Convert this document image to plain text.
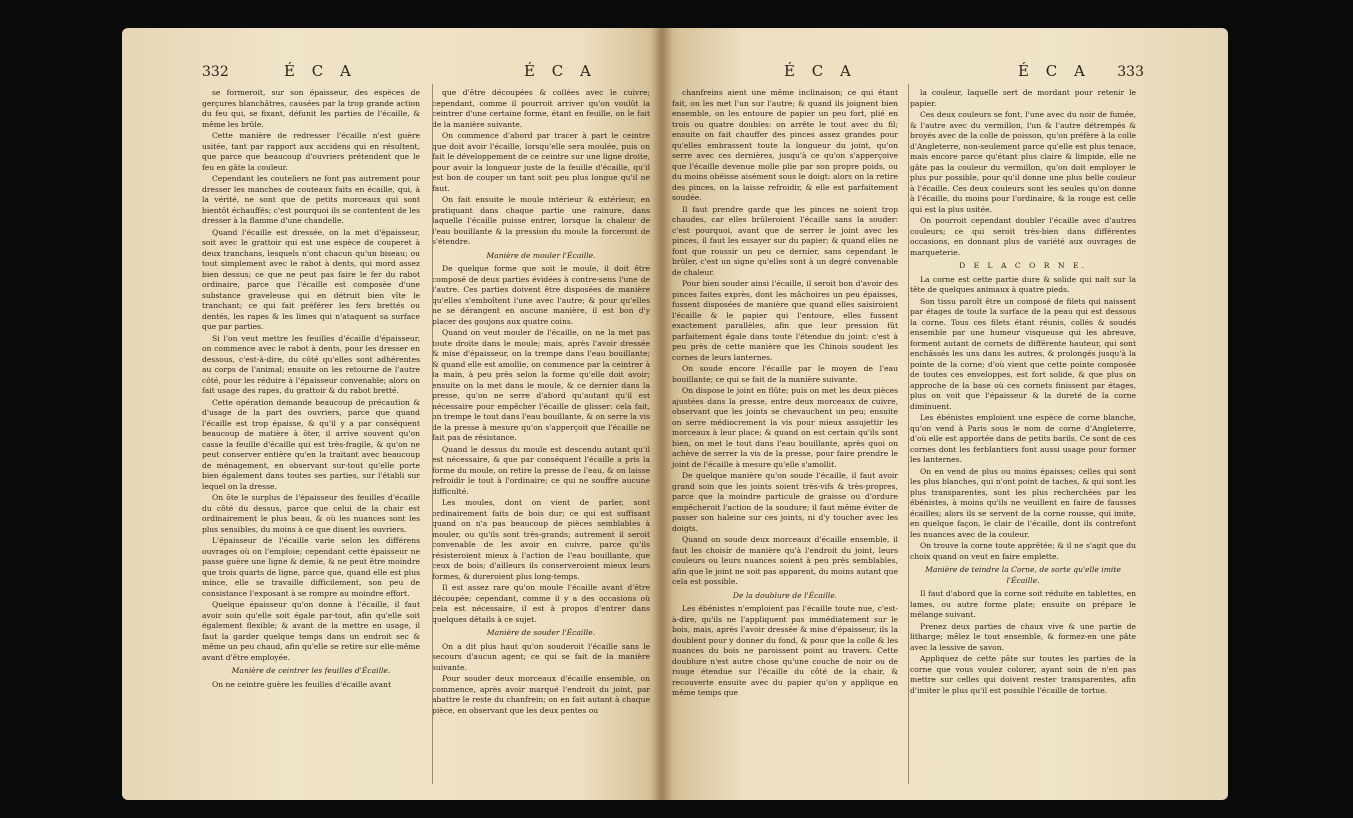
332	É C A	É C A

se formeroit, sur son épaisseur, des espèces de gerçures blanchâtres, causées par la trop grande action du feu qui, se fixant, défunit les parties de l'écaille, & même les brûle.

Cette manière de redresser l'écaille n'est guère usitée, tant par rapport aux accidens qui en résultent, que parce que beaucoup d'ouvriers prétendent que le feu en gâte la couleur.

Cependant les couteliers ne font pas autrement pour dresser les manches de couteaux faits en écaille, qui, à la vérité, ne sont que de petits morceaux qui sont bientôt échauffés; c'est pourquoi ils se contentent de les dresser à la flamme d'une chandelle.

Quand l'écaille est dressée, on la met d'épaisseur, soit avec le grattoir qui est une espèce de couperet à deux tranchans, lesquels n'ont chacun qu'un biseau; ou tout simplement avec le rabot à dents, qui mord assez bien dessus; ce que ne peut pas faire le fer du rabot ordinaire, parce que l'écaille est composée d'une substance graveleuse qui en détruit bien vîte le tranchant; ce qui fait préférer les fers brettés ou dentés, les rapes & les limes qui n'ataquent sa surface que par parties.

Si l'on veut mettre les feuilles d'écaille d'épaisseur, on commence avec le rabot à dents, pour les dresser en dessous, c'est-à-dire, du côté qu'elles sont adhérentes au corps de l'animal; ensuite on les retourne de l'autre côté, pour les réduire à l'épaisseur convenable; alors on fait usage des rapes, du grattoir & du rabot bretté.

Cette opération demande beaucoup de précaution & d'usage de la part des ouvriers, parce que quand l'écaille est trop épaisse, & qu'il y a par conséquent beaucoup de matière à ôter, il arrive souvent qu'on casse la feuille d'écaille qui est très-fragile, & qu'on ne peut conserver entière qu'en la traitant avec beaucoup de ménagement, en observant sur-tout qu'elle porte bien également dans toutes ses parties, sur l'établi sur lequel on la dresse.

On ôte le surplus de l'épaisseur des feuilles d'écaille du côté du dessus, parce que celui de la chair est ordinairement le plus beau, & où les nuances sont les plus sensibles, du moins à ce que disent les ouvriers.

L'épaisseur de l'écaille varie selon les différens ouvrages où on l'emploie; cependant cette épaisseur ne passe guère une ligne & demie, & ne peut être moindre que trois quarts de ligne, parce que, quand elle est plus mince, elle se travaille difficilement, son peu de consistance l'exposant à se rompre au moindre effort.

Quelque épaisseur qu'on donne à l'écaille, il faut avoir soin qu'elle soit égale par-tout, afin qu'elle soit également flexible; & avant de la mettre en usage, il faut la garder quelque temps dans un endroit sec & même un peu chaud, afin qu'elle se retire sur elle-même avant d'être employée.

Manière de ceintrer les feuilles d'Écaille.

On ne ceintre guère les feuilles d'écaille avant

que d'être découpées & collées avec le cuivre; cependant, comme il pourroit arriver qu'on voulût la ceintrer d'une certaine forme, étant en feuille, on le fait de la manière suivante.

On commence d'abord par tracer à part le ceintre que doit avoir l'écaille, lorsqu'elle sera moulée, puis on fait le développement de ce ceintre sur une ligne droite, pour avoir la longueur juste de la feuille d'écaille, qu'il est bon de couper un tant soit peu plus longue qu'il ne faut.

On fait ensuite le moule intérieur & extérieur, en pratiquant dans chaque partie une rainure, dans laquelle l'écaille puisse entrer, lorsque la chaleur de l'eau bouillante & la pression du moule la forceront de s'étendre.

Manière de mouler l'Écaille.

De quelque forme que soit le moule, il doit être composé de deux parties évidées à contre-sens l'une de l'autre. Ces parties doivent être disposées de manière qu'elles s'emboîtent l'une avec l'autre; & pour qu'elles ne se dérangent en aucune manière, il est bon d'y placer des goujons aux quatre coins.

Quand on veut mouler de l'écaille, on ne la met pas toute droite dans le moule; mais, après l'avoir dressée & mise d'épaisseur, on la trempe dans l'eau bouillante; & quand elle est amollie, on commence par la ceintrer à la main, à peu près selon la forme qu'elle doit avoir; ensuite on la met dans le moule, & ce dernier dans la presse, qu'on ne serre d'abord qu'autant qu'il est nécessaire pour empêcher l'écaille de glisser: cela fait, on trempe le tout dans l'eau bouillante, & on serre la vis de la presse à mesure qu'on s'apperçoit que l'écaille ne fait pas de résistance.

Quand le dessus du moule est descendu autant qu'il est nécessaire, & que par conséquent l'écaille a pris la forme du moule, on retire la presse de l'eau, & on laisse refroidir le tout à l'ordinaire; ce qui ne souffre aucune difficulté.

Les moules, dont on vient de parler, sont ordinairement faits de bois dur; ce qui est suffisant quand on n'a pas beaucoup de pièces semblables à mouler, ou qu'ils sont très-grands; autrement il seroit convenable de les avoir en cuivre, parce qu'ils résisteroient mieux à l'action de l'eau bouillante, que ceux de bois; d'ailleurs ils conserveroient mieux leurs formes, & dureroient plus long-temps.

Il est assez rare qu'on moule l'écaille avant d'être découpée; cependant, comme il y a des occasions où cela est nécessaire, il est à propos d'entrer dans quelques détails à ce sujet.

Manière de souder l'Écaille.

On a dit plus haut qu'on souderoit l'écaille sans le secours d'aucun agent; ce qui se fait de la manière suivante.

Pour souder deux morceaux d'écaille ensemble, on commence, après avoir marqué l'endroit du joint, par abattre le reste du chanfrein; on en fait autant à chaque pièce, en observant que les deux pentes ou

É C A	É C A 333

chanfreins aient une même inclinaison; ce qui étant fait, on les met l'un sur l'autre; & quand ils joignent bien ensemble, on les entoure de papier un peu fort, plié en trois ou quatre doubles: on arrête le tout avec du fil; ensuite on fait chauffer des pinces assez grandes pour qu'elles embrassent toute la longueur du joint, qu'on serre avec ces dernières, jusqu'à ce qu'on s'apperçoive que l'écaille devenue molle plie par son propre poids, ou du moins obéisse aisément sous le doigt: alors on la retire des pinces, on la laisse refroidir, & elle est parfaitement soudée.

Il faut prendre garde que les pinces ne soient trop chaudes, car elles brûleroient l'écaille sans la souder: c'est pourquoi, avant que de serrer le joint avec les pinces, il faut les essayer sur du papier; & quand elles ne font que roussir un peu ce dernier, sans cependant le brûler, c'est un signe qu'elles sont à un degré convenable de chaleur.

Pour bien souder ainsi l'écaille, il seroit bon d'avoir des pinces faites exprès, dont les mâchoires un peu épaisses, fussent disposées de manière que quand elles saisiroient l'écaille & le papier qui l'entoure, elles fussent exactement parallèles, afin que leur pression fût parfaitement égale dans toute l'étendue du joint: c'est à peu près de cette manière que les Chinois soudent les cornes de leurs lanternes.

On soude encore l'écaille par le moyen de l'eau bouillante; ce qui se fait de la manière suivante.

On dispose le joint en flûte; puis on met les deux pièces ajustées dans la presse, entre deux morceaux de cuivre, observant que les joints se chevauchent un peu; ensuite on serre médiocrement la vis pour mieux assujettir les morceaux à leur place; & quand on est certain qu'ils sont bien, on met le tout dans l'eau bouillante, après quoi on achève de serrer la vis de la presse, pour faire prendre le joint de l'écaille à mesure qu'elle s'amollit.

De quelque manière qu'on soude l'écaille, il faut avoir grand soin que les joints soient très-vifs & très-propres, parce que la moindre particule de graisse ou d'ordure empêcheroit l'action de la soudure; il faut même éviter de passer son haleine sur ces joints, ni d'y toucher avec les doigts.

Quand on soude deux morceaux d'écaille ensemble, il faut les choisir de manière qu'à l'endroit du joint, leurs couleurs ou leurs nuances soient à peu près semblables, afin que le joint ne soit pas apparent, du moins autant que cela est possible.

De la doublure de l'Écaille.

Les ébénistes n'emploient pas l'écaille toute nue, c'est-à-dire, qu'ils ne l'appliquent pas immédiatement sur le bois, mais, après l'avoir dressée & mise d'épaisseur, ils la doublent pour y donner du fond, & pour que la colle & les nuances du bois ne paroissent point au travers. Cette doublure n'est autre chose qu'une couche de noir ou de rouge étendue sur l'écaille du côté de la chair, & recouverte ensuite avec du papier qu'on y applique en même temps que

la couleur, laquelle sert de mordant pour retenir le papier.

Ces deux couleurs se font, l'une avec du noir de fumée, & l'autre avec du vermillon, l'un & l'autre détrempés & broyés avec de la colle de poisson, qu'on préfère à la colle d'Angleterre, non-seulement parce qu'elle est plus tenace, mais encore parce qu'étant plus claire & limpide, elle ne gâte pas la couleur du vermillon, qu'on doit employer le plus pur possible, pour qu'il donne une plus belle couleur à l'écaille. Ces deux couleurs sont les seules qu'on donne à l'écaille, du moins pour l'ordinaire, & la rouge est celle qui est la plus usitée.

On pourroit cependant doubler l'écaille avec d'autres couleurs; ce qui seroit très-bien dans différentes occasions, en donnant plus de variété aux ouvrages de marqueterie.

D E L A C O R N E.

La corne est cette partie dure & solide qui naît sur la tête de quelques animaux à quatre pieds.

Son tissu paroît être un composé de filets qui naissent par étages de toute la surface de la peau qui est dessous la corne. Tous ces filets étant réunis, collés & soudés ensemble par une humeur visqueuse qui les abreuve, forment autant de cornets de différente hauteur, qui sont enchâssés les uns dans les autres, & prolongés jusqu'à la pointe de la corne; d'où vient que cette pointe composée de toutes ces enveloppes, est fort solide, & que plus on approche de la base où ces cornets finissent par étages, plus on voit que l'épaisseur & la dureté de la corne diminuent.

Les ébénistes emploient une espèce de corne blanche, qu'on vend à Paris sous le nom de corne d'Angleterre, d'où elle est apportée dans de petits barils. Ce sont de ces cornes dont les ferblantiers font aussi usage pour former les lanternes.

On en vend de plus ou moins épaisses; celles qui sont les plus blanches, qui n'ont point de taches, & qui sont les plus transparentes, sont les plus recherchées par les ébénistes, à moins qu'ils ne veuillent en faire de fausses écailles; alors ils se servent de la corne rousse, qui imite, en quelque façon, le clair de l'écaille, dont ils contrefont les nuances avec de la couleur.

On trouve la corne toute apprêtée; & il ne s'agit que du choix quand on veut en faire emplette.

Manière de teindre la Corne, de sorte qu'elle imite l'Écaille.

Il faut d'abord que la corne soit réduite en tablettes, en lames, ou autre forme plate; ensuite on prépare le mélange suivant.

Prenez deux parties de chaux vive & une partie de litharge; mêlez le tout ensemble, & formez-en une pâte avec la lessive de savon.

Appliquez de cette pâte sur toutes les parties de la corne que vous voulez colorer, ayant soin de n'en pas mettre sur celles qui doivent rester transparentes, afin d'imiter le plus qu'il est possible l'écaille de tortue.
